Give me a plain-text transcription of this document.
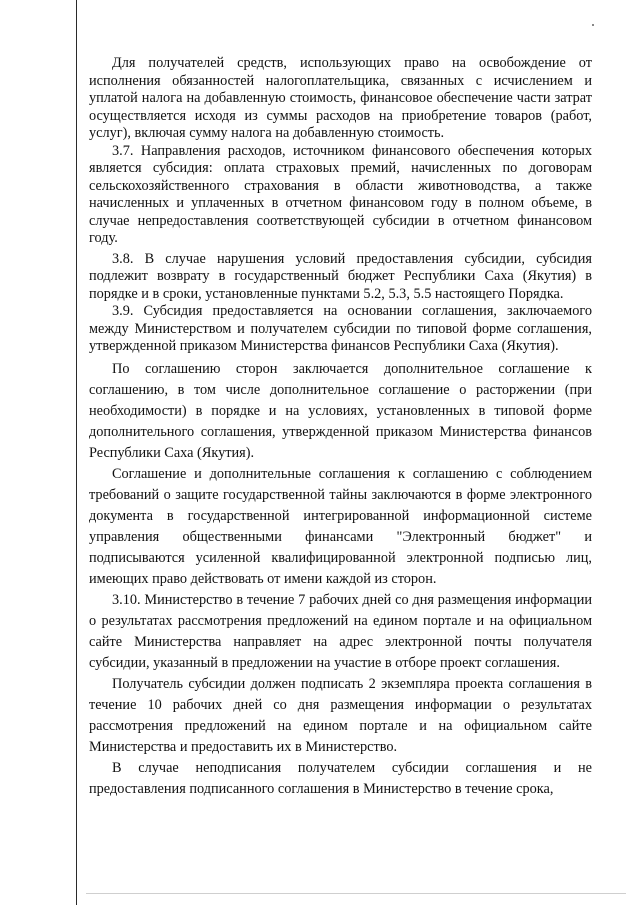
Для получателей средств, использующих право на освобождение от исполнения обязанностей налогоплательщика, связанных с исчислением и уплатой налога на добавленную стоимость, финансовое обеспечение части затрат осуществляется исходя из суммы расходов на приобретение товаров (работ, услуг), включая сумму налога на добавленную стоимость.

3.7. Направления расходов, источником финансового обеспечения которых является субсидия: оплата страховых премий, начисленных по договорам сельскохозяйственного страхования в области животноводства, а также начисленных и уплаченных в отчетном финансовом году в полном объеме, в случае непредоставления соответствующей субсидии в отчетном финансовом году.

3.8. В случае нарушения условий предоставления субсидии, субсидия подлежит возврату в государственный бюджет Республики Саха (Якутия) в порядке и в сроки, установленные пунктами 5.2, 5.3, 5.5 настоящего Порядка.

3.9. Субсидия предоставляется на основании соглашения, заключаемого между Министерством и получателем субсидии по типовой форме соглашения, утвержденной приказом Министерства финансов Республики Саха (Якутия).

По соглашению сторон заключается дополнительное соглашение к соглашению, в том числе дополнительное соглашение о расторжении (при необходимости) в порядке и на условиях, установленных в типовой форме дополнительного соглашения, утвержденной приказом Министерства финансов Республики Саха (Якутия).

Соглашение и дополнительные соглашения к соглашению с соблюдением требований о защите государственной тайны заключаются в форме электронного документа в государственной интегрированной информационной системе управления общественными финансами "Электронный бюджет" и подписываются усиленной квалифицированной электронной подписью лиц, имеющих право действовать от имени каждой из сторон.

3.10. Министерство в течение 7 рабочих дней со дня размещения информации о результатах рассмотрения предложений на едином портале и на официальном сайте Министерства направляет на адрес электронной почты получателя субсидии, указанный в предложении на участие в отборе проект соглашения.

Получатель субсидии должен подписать 2 экземпляра проекта соглашения в течение 10 рабочих дней со дня размещения информации о результатах рассмотрения предложений на едином портале и на официальном сайте Министерства и предоставить их в Министерство.

В случае неподписания получателем субсидии соглашения и не предоставления подписанного соглашения в Министерство в течение срока,
